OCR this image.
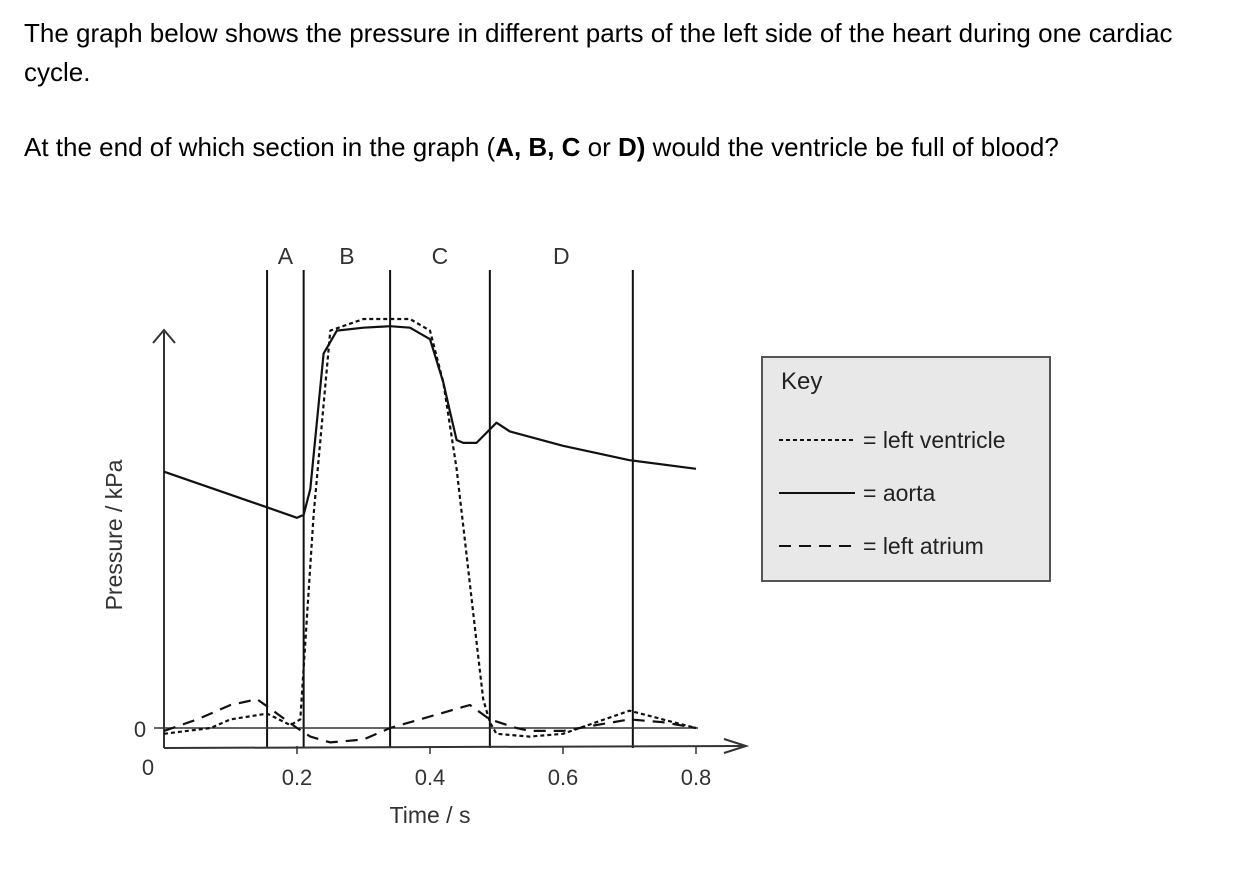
The graph below shows the pressure in different parts of the left side of the heart during one cardiac cycle.

At the end of which section in the graph (A, B, C or D) would the ventricle be full of blood?

A B	C	D
0.2	0.4	0.6	0.8
Pressure / kPa
Time / s
0
0
Key
= left ventricle
= aorta
= left atrium
